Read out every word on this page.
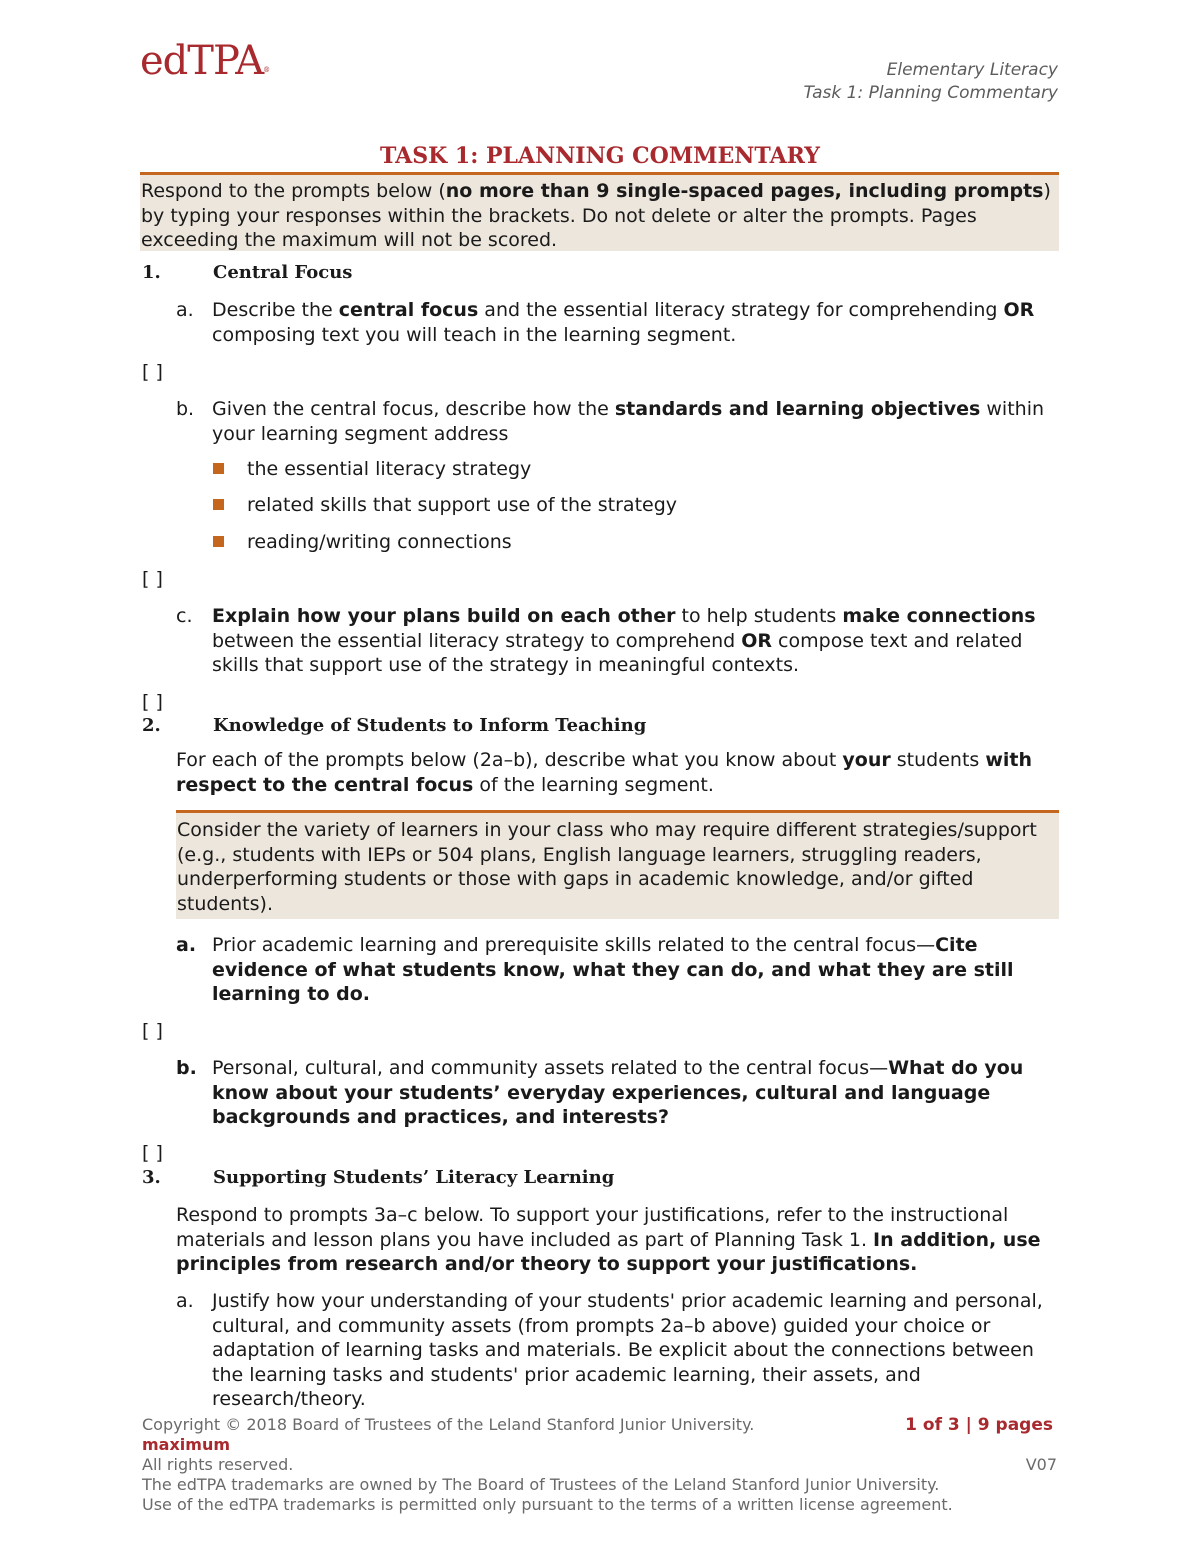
edTPA®	Elementary Literacy
Task 1: Planning Commentary
TASK 1: PLANNING COMMENTARY

Respond to the prompts below (no more than 9 single-spaced pages, including prompts) by typing your responses within the brackets. Do not delete or alter the prompts. Pages exceeding the maximum will not be scored.

1.	Central Focus
a. Describe the central focus and the essential literacy strategy for comprehending OR composing text you will teach in the learning segment.
[ ]
b. Given the central focus, describe how the standards and learning objectives within your learning segment address
the essential literacy strategy
related skills that support use of the strategy
reading/writing connections
[ ]
c. Explain how your plans build on each other to help students make connections between the essential literacy strategy to comprehend OR compose text and related skills that support use of the strategy in meaningful contexts.
[ ]
2.	Knowledge of Students to Inform Teaching
For each of the prompts below (2a–b), describe what you know about your students with respect to the central focus of the learning segment.

Consider the variety of learners in your class who may require different strategies/support (e.g., students with IEPs or 504 plans, English language learners, struggling readers, underperforming students or those with gaps in academic knowledge, and/or gifted students).

a. Prior academic learning and prerequisite skills related to the central focus—Cite evidence of what students know, what they can do, and what they are still learning to do.
[ ]
b. Personal, cultural, and community assets related to the central focus—What do you know about your students’ everyday experiences, cultural and language backgrounds and practices, and interests?
[ ]
3.	Supporting Students’ Literacy Learning
Respond to prompts 3a–c below. To support your justifications, refer to the instructional materials and lesson plans you have included as part of Planning Task 1. In addition, use principles from research and/or theory to support your justifications.
a. Justify how your understanding of your students' prior academic learning and personal, cultural, and community assets (from prompts 2a–b above) guided your choice or adaptation of learning tasks and materials. Be explicit about the connections between the learning tasks and students' prior academic learning, their assets, and research/theory.
Copyright © 2018 Board of Trustees of the Leland Stanford Junior University.	1 of 3 | 9 pages
maximum
All rights reserved.	V07
The edTPA trademarks are owned by The Board of Trustees of the Leland Stanford Junior University.
Use of the edTPA trademarks is permitted only pursuant to the terms of a written license agreement.
